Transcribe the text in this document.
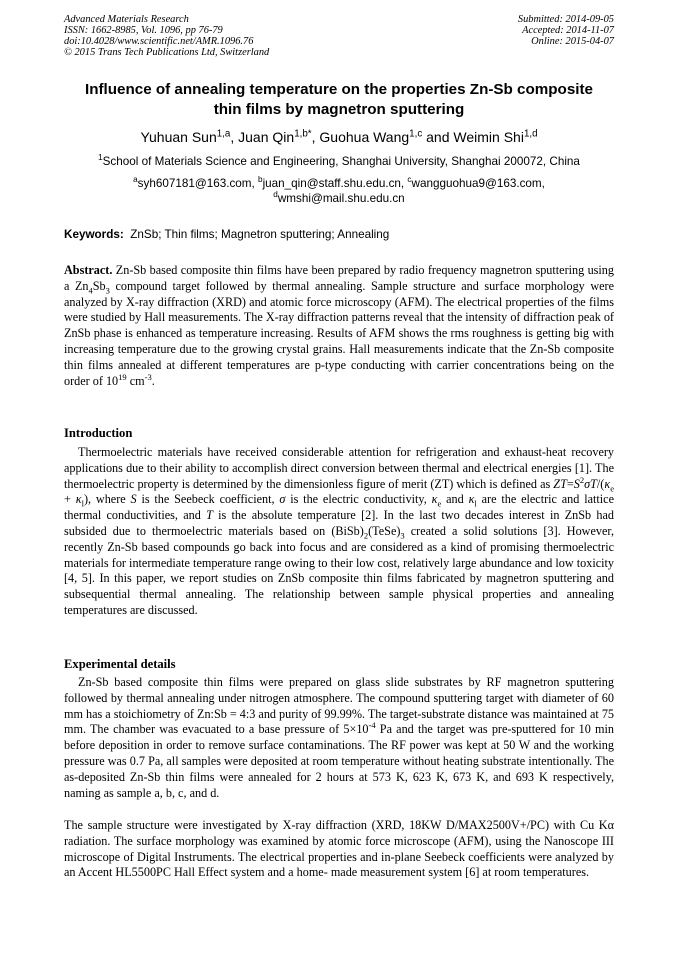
Advanced Materials Research
ISSN: 1662-8985, Vol. 1096, pp 76-79
doi:10.4028/www.scientific.net/AMR.1096.76
© 2015 Trans Tech Publications Ltd, Switzerland
Submitted: 2014-09-05
Accepted: 2014-11-07
Online: 2015-04-07
Influence of annealing temperature on the properties Zn-Sb composite
thin films by magnetron sputtering
Yuhuan Sun$^{1,a}$, Juan Qin$^{1,b*}$, Guohua Wang$^{1,c}$ and Weimin Shi$^{1,d}$
$^1$School of Materials Science and Engineering, Shanghai University, Shanghai 200072, China
$^a$syh607181@163.com, $^b$juan_qin@staff.shu.edu.cn, $^c$wangguohua9@163.com,
$^d$wmshi@mail.shu.edu.cn
Keywords: ZnSb; Thin films; Magnetron sputtering; Annealing
Abstract. Zn-Sb based composite thin films have been prepared by radio frequency magnetron sputtering using a $Zn_4Sb_3$ compound target followed by thermal annealing. Sample structure and surface morphology were analyzed by X-ray diffraction (XRD) and atomic force microscopy (AFM). The electrical properties of the films were studied by Hall measurements. The X-ray diffraction patterns reveal that the intensity of diffraction peak of ZnSb phase is enhanced as temperature increasing. Results of AFM shows the rms roughness is getting big with increasing temperature due to the growing crystal grains. Hall measurements indicate that the Zn-Sb composite thin films annealed at different temperatures are p-type conducting with carrier concentrations being on the order of $10^{19}$ $cm^{-3}$.
Introduction
Thermoelectric materials have received considerable attention for refrigeration and exhaust-heat recovery applications due to their ability to accomplish direct conversion between thermal and electrical energies [1]. The thermoelectric property is determined by the dimensionless figure of merit (ZT) which is defined as $ZT=S^2\sigma T/(\kappa_e + \kappa_l)$, where S is the Seebeck coefficient, σ is the electric conductivity, $\kappa_e$ and $\kappa_l$ are the electric and lattice thermal conductivities, and T is the absolute temperature [2]. In the last two decades interest in ZnSb had subsided due to thermoelectric materials based on $(BiSb)_2(TeSe)_3$ created a solid solutions [3]. However, recently Zn-Sb based compounds go back into focus and are considered as a kind of promising thermoelectric materials for intermediate temperature range owing to their low cost, relatively large abundance and low toxicity [4, 5]. In this paper, we report studies on ZnSb composite thin films fabricated by magnetron sputtering and subsequential thermal annealing. The relationship between sample physical properties and annealing temperatures are discussed.
Experimental details
Zn-Sb based composite thin films were prepared on glass slide substrates by RF magnetron sputtering followed by thermal annealing under nitrogen atmosphere. The compound sputtering target with diameter of 60 mm has a stoichiometry of Zn:Sb = 4:3 and purity of 99.99%. The target-substrate distance was maintained at 75 mm. The chamber was evacuated to a base pressure of $5\times 10^{-4}$ Pa and the target was pre-sputtered for 10 min before deposition in order to remove surface contaminations. The RF power was kept at 50 W and the working pressure was 0.7 Pa, all samples were deposited at room temperature without heating substrate intentionally. The as-deposited Zn-Sb thin films were annealed for 2 hours at 573 K, 623 K, 673 K, and 693 K respectively, naming as sample a, b, c, and d.
The sample structure were investigated by X-ray diffraction (XRD, 18KW D/MAX2500V+/PC) with Cu Kα radiation. The surface morphology was examined by atomic force microscope (AFM), using the Nanoscope III microscope of Digital Instruments. The electrical properties and in-plane Seebeck coefficients were analyzed by an Accent HL5500PC Hall Effect system and a home- made measurement system [6] at room temperatures.
